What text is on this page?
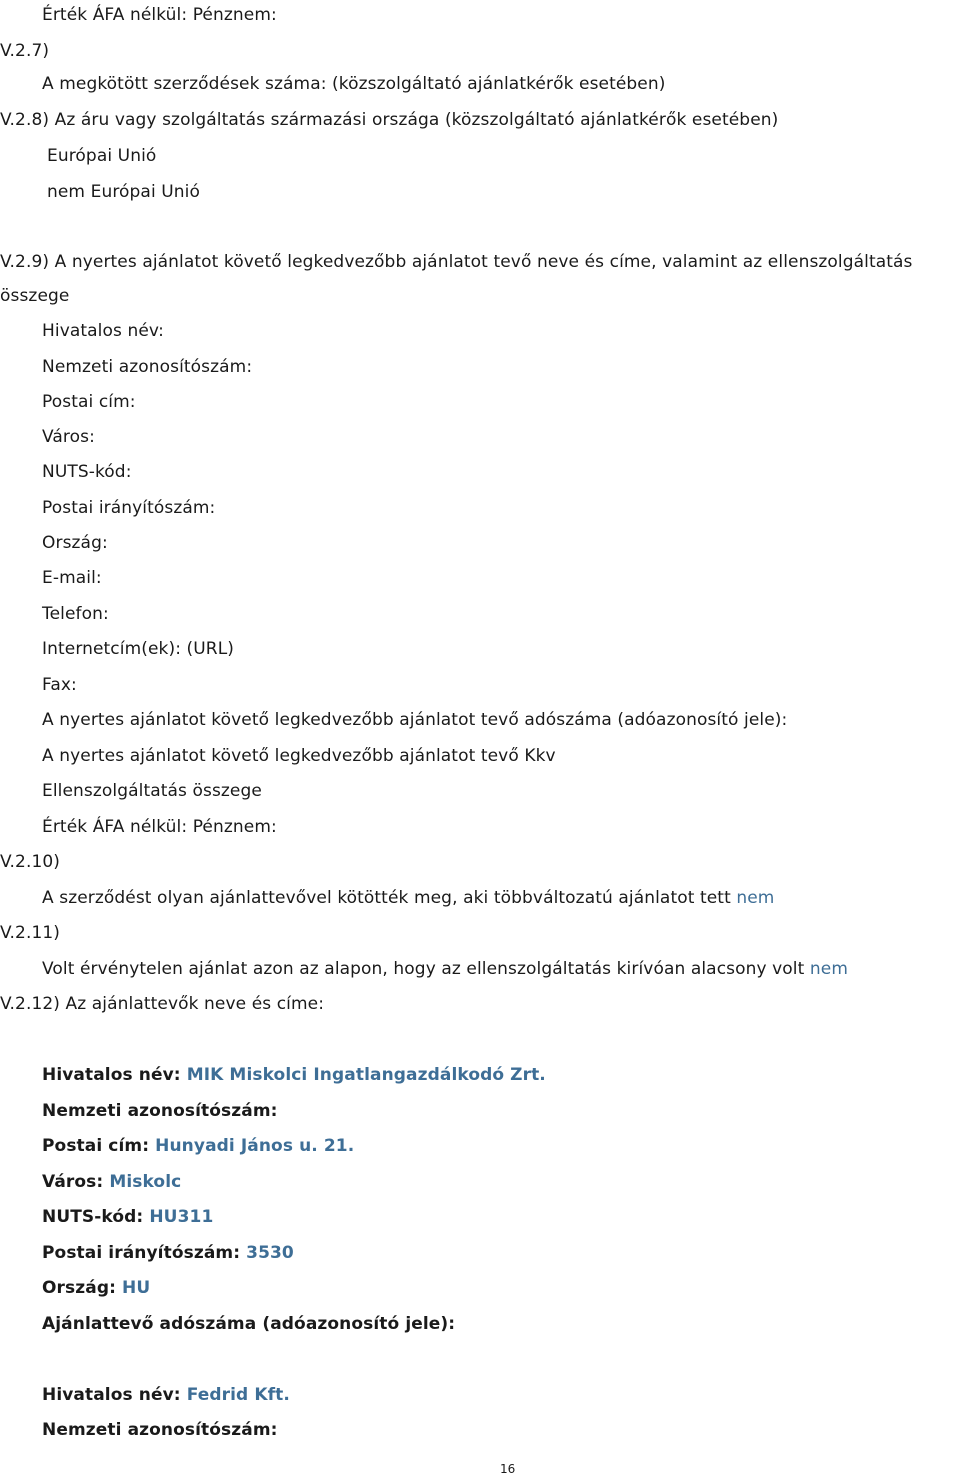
Érték ÁFA nélkül: Pénznem:
V.2.7)
A megkötött szerződések száma: (közszolgáltató ajánlatkérők esetében)
V.2.8) Az áru vagy szolgáltatás származási országa (közszolgáltató ajánlatkérők esetében)
Európai Unió
nem Európai Unió
V.2.9) A nyertes ajánlatot követő legkedvezőbb ajánlatot tevő neve és címe, valamint az ellenszolgáltatás
összege
Hivatalos név:
Nemzeti azonosítószám:
Postai cím:
Város:
NUTS-kód:
Postai irányítószám:
Ország:
E-mail:
Telefon:
Internetcím(ek): (URL)
Fax:
A nyertes ajánlatot követő legkedvezőbb ajánlatot tevő adószáma (adóazonosító jele):
A nyertes ajánlatot követő legkedvezőbb ajánlatot tevő Kkv
Ellenszolgáltatás összege
Érték ÁFA nélkül: Pénznem:
V.2.10)
A szerződést olyan ajánlattevővel kötötték meg, aki többváltozatú ajánlatot tett nem
V.2.11)
Volt érvénytelen ajánlat azon az alapon, hogy az ellenszolgáltatás kirívóan alacsony volt nem
V.2.12) Az ajánlattevők neve és címe:
Hivatalos név: MIK Miskolci Ingatlangazdálkodó Zrt.
Nemzeti azonosítószám:
Postai cím: Hunyadi János u. 21.
Város: Miskolc
NUTS-kód: HU311
Postai irányítószám: 3530
Ország: HU
Ajánlattevő adószáma (adóazonosító jele):
Hivatalos név: Fedrid Kft.
Nemzeti azonosítószám:
16
